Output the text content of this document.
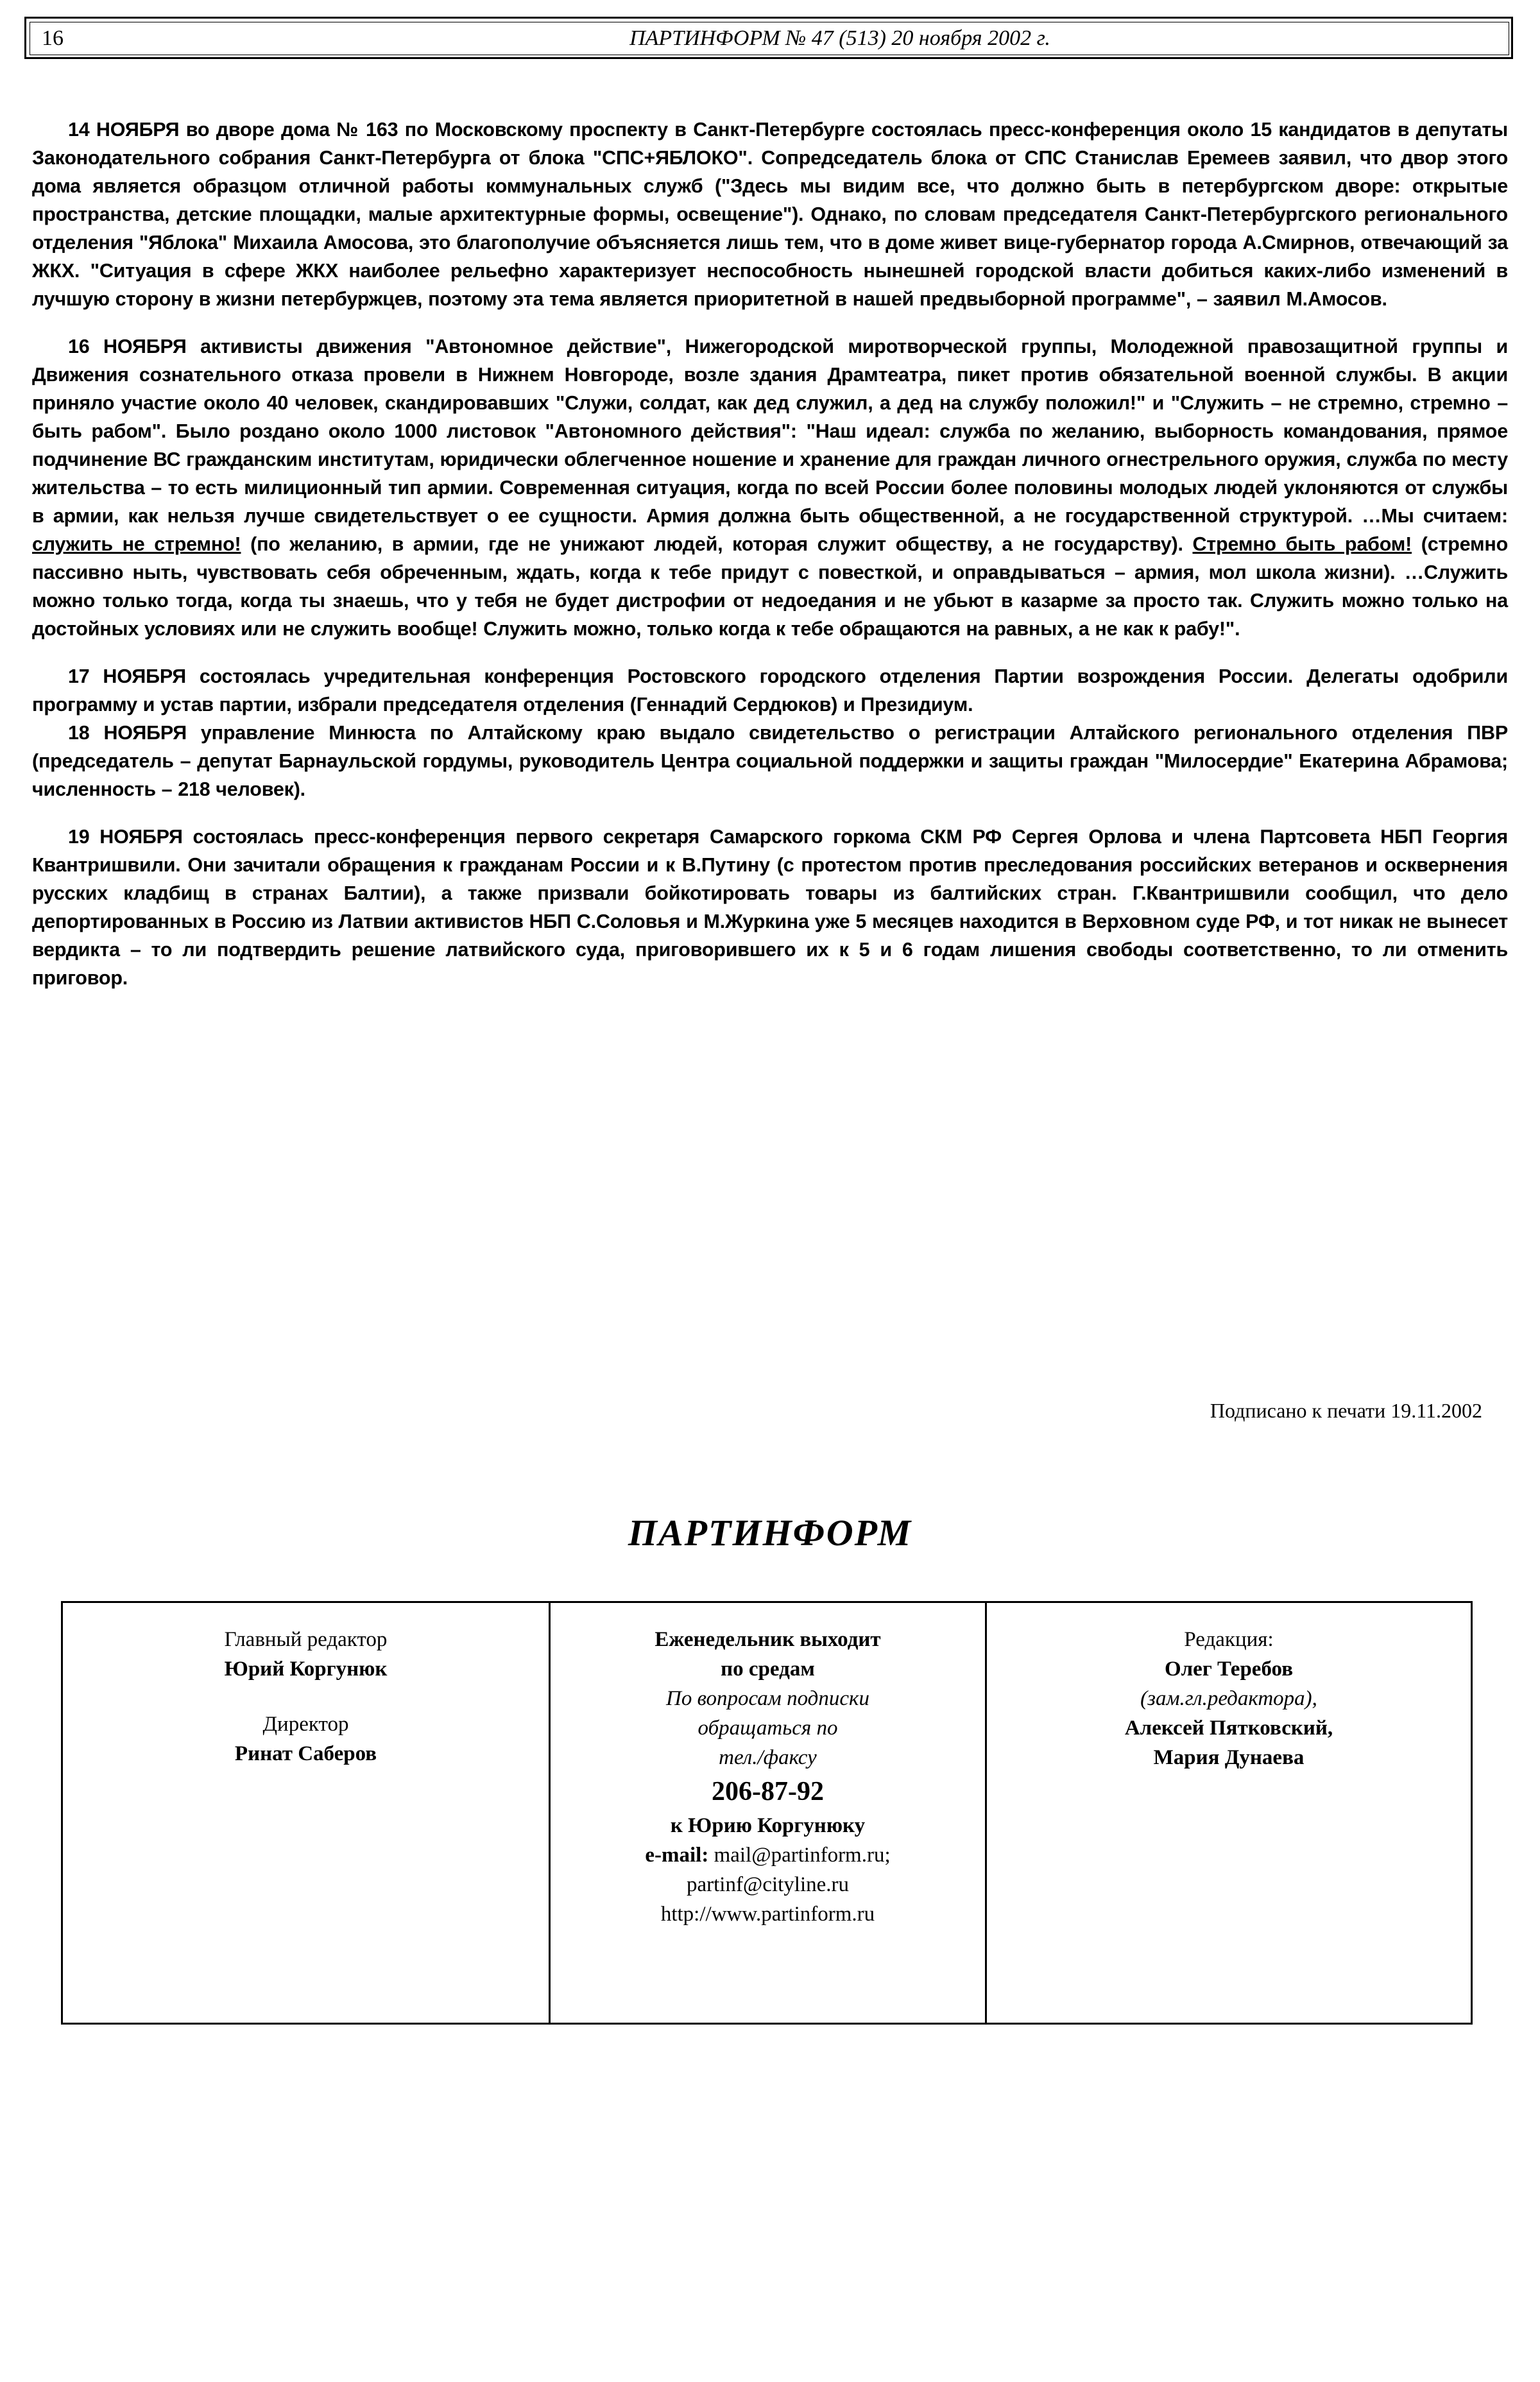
16	ПАРТИНФОРМ № 47 (513) 20 ноября 2002 г.

14 НОЯБРЯ во дворе дома № 163 по Московскому проспекту в Санкт-Петербурге состоялась пресс-конференция около 15 кандидатов в депутаты Законодательного собрания Санкт-Петербурга от блока "СПС+ЯБЛОКО". Сопредседатель блока от СПС Станислав Еремеев заявил, что двор этого дома является образцом отличной работы коммунальных служб ("Здесь мы видим все, что должно быть в петербургском дворе: открытые пространства, детские площадки, малые архитектурные формы, освещение"). Однако, по словам председателя Санкт-Петербургского регионального отделения "Яблока" Михаила Амосова, это благополучие объясняется лишь тем, что в доме живет вице-губернатор города А.Смирнов, отвечающий за ЖКХ. "Ситуация в сфере ЖКХ наиболее рельефно характеризует неспособность нынешней городской власти добиться каких-либо изменений в лучшую сторону в жизни петербуржцев, поэтому эта тема является приоритетной в нашей предвыборной программе", – заявил М.Амосов.

16 НОЯБРЯ активисты движения "Автономное действие", Нижегородской миротворческой группы, Молодежной правозащитной группы и Движения сознательного отказа провели в Нижнем Новгороде, возле здания Драмтеатра, пикет против обязательной военной службы. В акции приняло участие около 40 человек, скандировавших "Служи, солдат, как дед служил, а дед на службу положил!" и "Служить – не стремно, стремно – быть рабом". Было роздано около 1000 листовок "Автономного действия": "Наш идеал: служба по желанию, выборность командования, прямое подчинение ВС гражданским институтам, юридически облегченное ношение и хранение для граждан личного огнестрельного оружия, служба по месту жительства – то есть милиционный тип армии. Современная ситуация, когда по всей России более половины молодых людей уклоняются от службы в армии, как нельзя лучше свидетельствует о ее сущности. Армия должна быть общественной, а не государственной структурой. …Мы считаем: служить не стремно! (по желанию, в армии, где не унижают людей, которая служит обществу, а не государству). Стремно быть рабом! (стремно пассивно ныть, чувствовать себя обреченным, ждать, когда к тебе придут с повесткой, и оправдываться – армия, мол школа жизни). …Служить можно только тогда, когда ты знаешь, что у тебя не будет дистрофии от недоедания и не убьют в казарме за просто так. Служить можно только на достойных условиях или не служить вообще! Служить можно, только когда к тебе обращаются на равных, а не как к рабу!".

17 НОЯБРЯ состоялась учредительная конференция Ростовского городского отделения Партии возрождения России. Делегаты одобрили программу и устав партии, избрали председателя отделения (Геннадий Сердюков) и Президиум.

18 НОЯБРЯ управление Минюста по Алтайскому краю выдало свидетельство о регистрации Алтайского регионального отделения ПВР (председатель – депутат Барнаульской гордумы, руководитель Центра социальной поддержки и защиты граждан "Милосердие" Екатерина Абрамова; численность – 218 человек).

19 НОЯБРЯ состоялась пресс-конференция первого секретаря Самарского горкома СКМ РФ Сергея Орлова и члена Партсовета НБП Георгия Квантришвили. Они зачитали обращения к гражданам России и к В.Путину (с протестом против преследования российских ветеранов и осквернения русских кладбищ в странах Балтии), а также призвали бойкотировать товары из балтийских стран. Г.Квантришвили сообщил, что дело депортированных в Россию из Латвии активистов НБП С.Соловья и М.Журкина уже 5 месяцев находится в Верховном суде РФ, и тот никак не вынесет вердикта – то ли подтвердить решение латвийского суда, приговорившего их к 5 и 6 годам лишения свободы соответственно, то ли отменить приговор.

Подписано к печати 19.11.2002
ПАРТИНФОРМ
Главный редактор
Юрий Коргунюк
Директор
Ринат Саберов
Еженедельник выходит
по средам
По вопросам подписки
обращаться по
тел./факсу
206-87-92
к Юрию Коргунюку
e-mail: mail@partinform.ru;
partinf@cityline.ru
http://www.partinform.ru
Редакция:
Олег Теребов
(зам.гл.редактора),
Алексей Пятковский,
Мария Дунаева
